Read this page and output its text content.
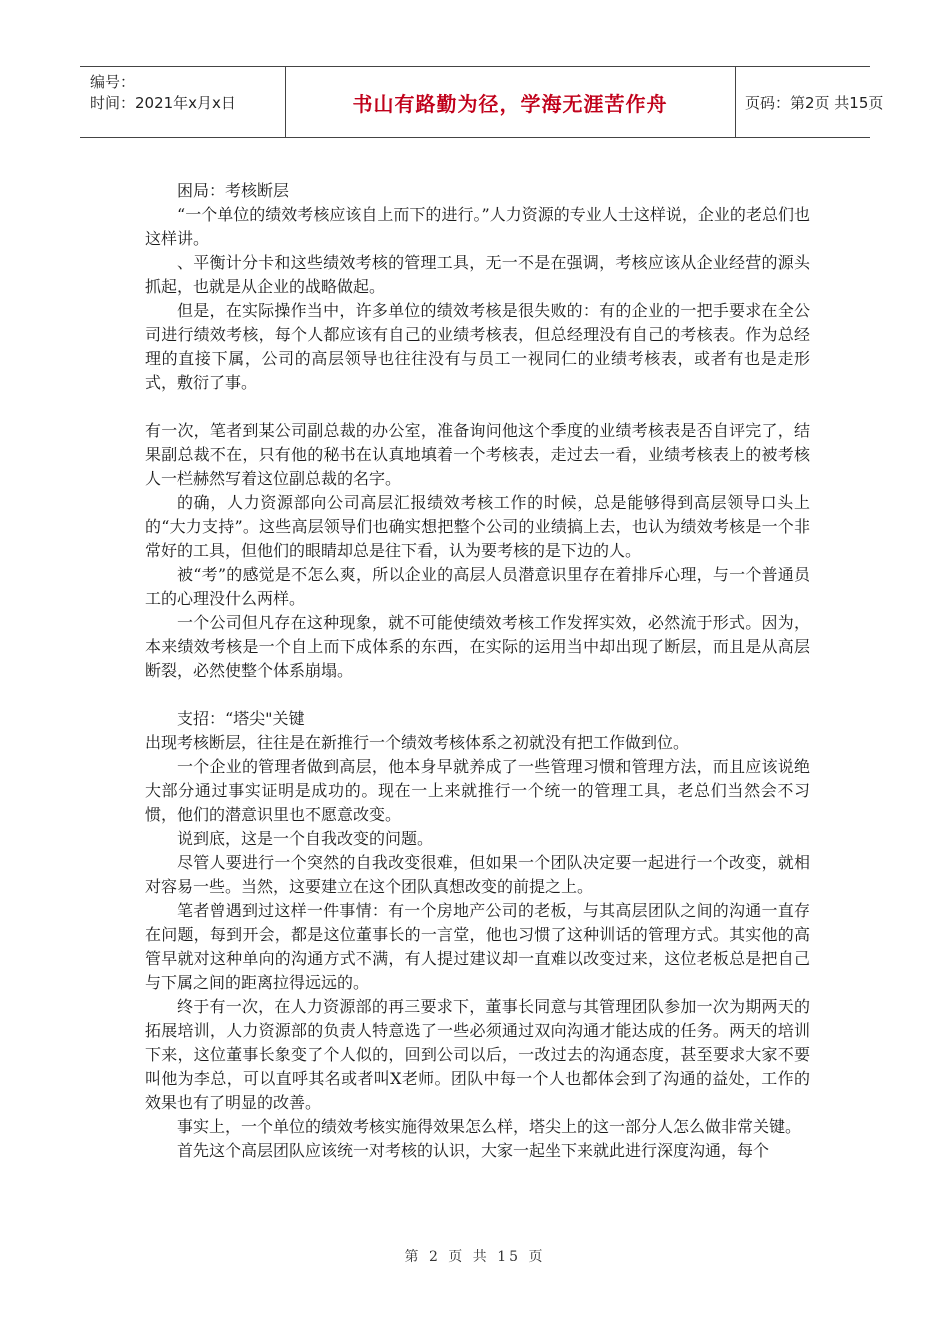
编号：
时间：2021年x月x日	书山有路勤为径，学海无涯苦作舟	页码：第2页 共15页

困局：考核断层

“一个单位的绩效考核应该自上而下的进行。”人力资源的专业人士这样说，企业的老总们也这样讲。

、平衡计分卡和这些绩效考核的管理工具，无一不是在强调，考核应该从企业经营的源头抓起，也就是从企业的战略做起。

但是，在实际操作当中，许多单位的绩效考核是很失败的：有的企业的一把手要求在全公司进行绩效考核，每个人都应该有自己的业绩考核表，但总经理没有自己的考核表。作为总经理的直接下属，公司的高层领导也往往没有与员工一视同仁的业绩考核表，或者有也是走形式，敷衍了事。

有一次，笔者到某公司副总裁的办公室，准备询问他这个季度的业绩考核表是否自评完了，结果副总裁不在，只有他的秘书在认真地填着一个考核表，走过去一看，业绩考核表上的被考核人一栏赫然写着这位副总裁的名字。

的确，人力资源部向公司高层汇报绩效考核工作的时候，总是能够得到高层领导口头上的“大力支持”。这些高层领导们也确实想把整个公司的业绩搞上去，也认为绩效考核是一个非常好的工具，但他们的眼睛却总是往下看，认为要考核的是下边的人。

被“考”的感觉是不怎么爽，所以企业的高层人员潜意识里存在着排斥心理，与一个普通员工的心理没什么两样。

一个公司但凡存在这种现象，就不可能使绩效考核工作发挥实效，必然流于形式。因为，本来绩效考核是一个自上而下成体系的东西，在实际的运用当中却出现了断层，而且是从高层断裂，必然使整个体系崩塌。

支招：“塔尖"关键

出现考核断层，往往是在新推行一个绩效考核体系之初就没有把工作做到位。

一个企业的管理者做到高层，他本身早就养成了一些管理习惯和管理方法，而且应该说绝大部分通过事实证明是成功的。现在一上来就推行一个统一的管理工具，老总们当然会不习惯，他们的潜意识里也不愿意改变。

说到底，这是一个自我改变的问题。

尽管人要进行一个突然的自我改变很难，但如果一个团队决定要一起进行一个改变，就相对容易一些。当然，这要建立在这个团队真想改变的前提之上。

笔者曾遇到过这样一件事情：有一个房地产公司的老板，与其高层团队之间的沟通一直存在问题，每到开会，都是这位董事长的一言堂，他也习惯了这种训话的管理方式。其实他的高管早就对这种单向的沟通方式不满，有人提过建议却一直难以改变过来，这位老板总是把自己与下属之间的距离拉得远远的。

终于有一次，在人力资源部的再三要求下，董事长同意与其管理团队参加一次为期两天的拓展培训，人力资源部的负责人特意选了一些必须通过双向沟通才能达成的任务。两天的培训下来，这位董事长象变了个人似的，回到公司以后，一改过去的沟通态度，甚至要求大家不要叫他为李总，可以直呼其名或者叫X老师。团队中每一个人也都体会到了沟通的益处，工作的效果也有了明显的改善。

事实上，一个单位的绩效考核实施得效果怎么样，塔尖上的这一部分人怎么做非常关键。

首先这个高层团队应该统一对考核的认识，大家一起坐下来就此进行深度沟通，每个

第 2 页 共 15 页
